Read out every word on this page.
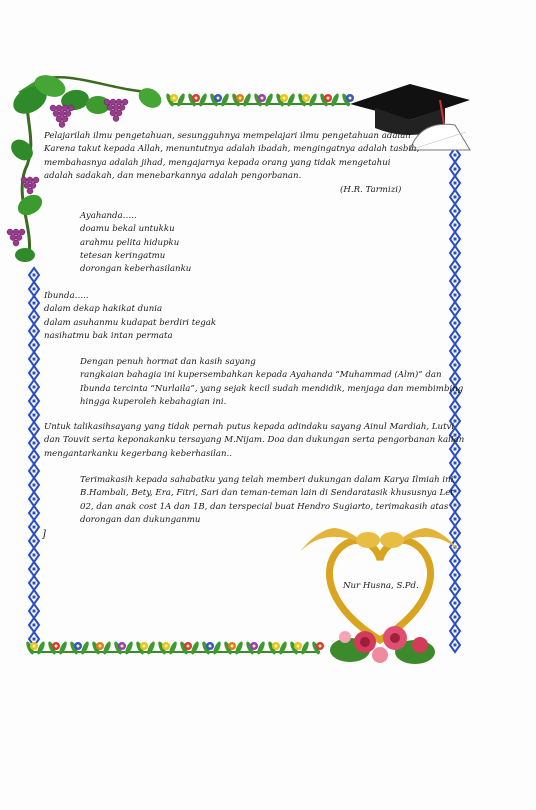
Pelajarilah ilmu pengetahuan, sesungguhnya mempelajari ilmu pengetahuan adalah
Karena takut kepada Allah, menuntutnya adalah ibadah, mengingatnya adalah tasbih,
membahasnya adalah jihad, mengajarnya kepada orang yang tidak mengetahui
adalah sadakah, dan menebarkannya adalah pengorbanan.
(H.R. Tarmizi)
Ayahanda…..
doamu bekal untukku
arahmu pelita hidupku
tetesan keringatmu
dorongan keberhasilanku
Ibunda…..
dalam dekap hakikat dunia
dalam asuhanmu kudapat berdiri tegak
nasihatmu bak intan permata
Dengan penuh hormat dan kasih sayang
rangkaian bahagia ini kupersembahkan kepada Ayahanda “Muhammad (Alm)” dan
Ibunda tercinta “Nurlaila”, yang sejak kecil sudah mendidik, menjaga dan membimbing
hingga kuperoleh kebahagian ini.
Untuk talikasihsayang yang tidak pernah putus kepada adindaku sayang Ainul Mardiah, Lutvi
dan Touvit serta keponakanku tersayang M.Nijam. Doa dan dukungan serta pengorbanan kalian
mengantarkanku kegerbang keberhasilan..
Terimakasih kepada sahabatku yang telah memberi dukungan dalam Karya Ilmiah ini
B.Hambali, Bety, Era, Fitri, Sari dan teman-teman lain di Sendaratasik khususnya Let
02, dan anak cost 1A dan 1B, dan terspecial buat Hendro Sugiarto, terimakasih atas
dorongan dan dukunganmu
]
Nur Husna, S.Pd.
